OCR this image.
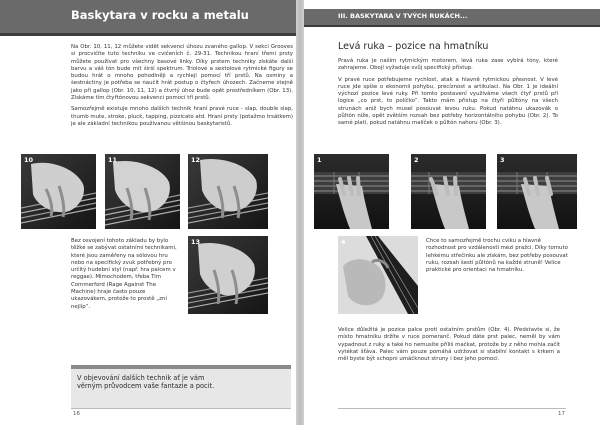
Baskytara v rocku a metalu

Na Obr. 10, 11, 12 můžete vidět sekvenci úhozu zvaného gallop. V sekci Grooves si procvičíte tuto techniku ve cvičeních č. 29-31. Technikou hraní třemi prsty můžete používat pro všechny basové linky. Díky prstem techniky získáte další barvu a váš tón bude mít širší spektrum. Triolové a sextolové rytmické figury se budou hrát o mnoho pohodlněji a rychleji pomocí tří prstů. Na osminy a šestnáctiny je potřeba se naučit hrát postup o čtyřech úhozech. Začneme stejně jako při gallop (Obr. 10, 11, 12) a čtvrtý úhoz bude opět prostředníkem (Obr. 13). Získáme tím čtyřtónovou sekvenci pomocí tří prstů.

Samozřejmě existuje mnoho dalších technik hraní pravé ruce - slap, double slap, thumb mute, stroke, pluck, tapping, pizzicato atd. Hraní prsty (potažmo trsátkem) je ale základní technikou používanou většinou baskytaristů.

10	11	12
13
Bez osvojení tohoto základu by bylo těžké se zabývat ostatními technikami, které jsou zaměřeny na sólovou hru nebo na specifický zvuk potřebný pro určitý hudební styl (např. hra palcem v reggae). Mimochodem, třeba Tim Commerford (Rage Against The Machine) hraje často pouze ukazovákem, protože to prostě „zní nejlíp“.
V objevování dalších technik ať je vám věrným průvodcem vaše fantazie a pocit.
16
III. BASKYTARA V TVÝCH RUKÁCH...
Levá ruka – pozice na hmatníku

Pravá ruka je naším rytmickým motorem, levá ruka zase vybírá tóny, které zahrajeme. Obojí vyžaduje svůj specifický přístup.

V pravé ruce potřebujeme rychlost, atak a hlavně rytmickou přesnost. V levé ruce jde spíše o ekonomii pohybu, precíznost a artikulaci. Na Obr. 1 je ideální výchozí pozice levé ruky. Při tomto postavení využíváme všech čtyř prstů při logice „co prst, to políčko“. Takto mám přístup na čtyři půltóny na všech strunách aniž bych musel posouvat levou ruku. Pokud natáhnu ukazovák o půltón níže, opět zvětším rozsah bez potřeby horizontálního pohybu (Obr. 2). To samé platí, pokud natáhnu malíček o půltón nahoru (Obr. 3).

1	2	3
4	Chce to samozřejmě trochu cviku a hlavně rozhodnost pro vzdálenosti mezi pražci. Díky tomuto lehkému střečinku ale získám, bez potřeby posouvat ruku, rozsah šesti půltónů na každé struně! Velice praktické pro orientaci na hmatníku.
Velice důležitá je pozice palce proti ostatním prstům (Obr. 4). Představte si, že místo hmatníku držíte v ruce pomeranč. Pokud dáte prst palec, neměl by vám vypadnout z ruky a také ho nemusíte příliš mačkat, protože by z něho mohla začít vytékat šťáva. Palec vám pouze pomáhá udržovat si stabilní kontakt s krkem a měl byste být schopni umáčknout struny i bez jeho pomoci.
17
